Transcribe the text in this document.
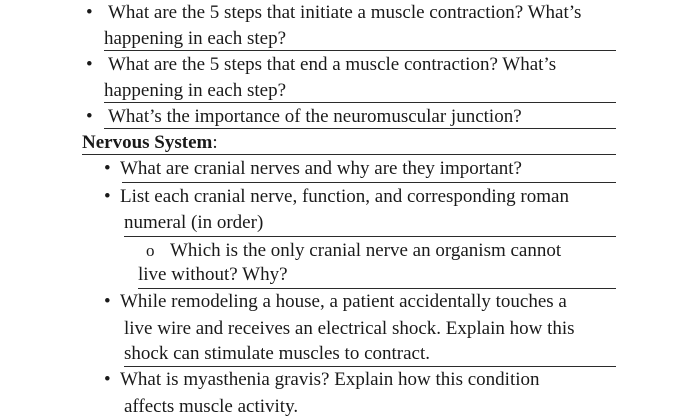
• What are the 5 steps that initiate a muscle contraction? What’s
happening in each step?
• What are the 5 steps that end a muscle contraction? What’s
happening in each step?
• What’s the importance of the neuromuscular junction?
Nervous System:
• What are cranial nerves and why are they important?
• List each cranial nerve, function, and corresponding roman
numeral (in order)
o Which is the only cranial nerve an organism cannot
live without? Why?
• While remodeling a house, a patient accidentally touches a
live wire and receives an electrical shock. Explain how this
shock can stimulate muscles to contract.
• What is myasthenia gravis? Explain how this condition
affects muscle activity.
